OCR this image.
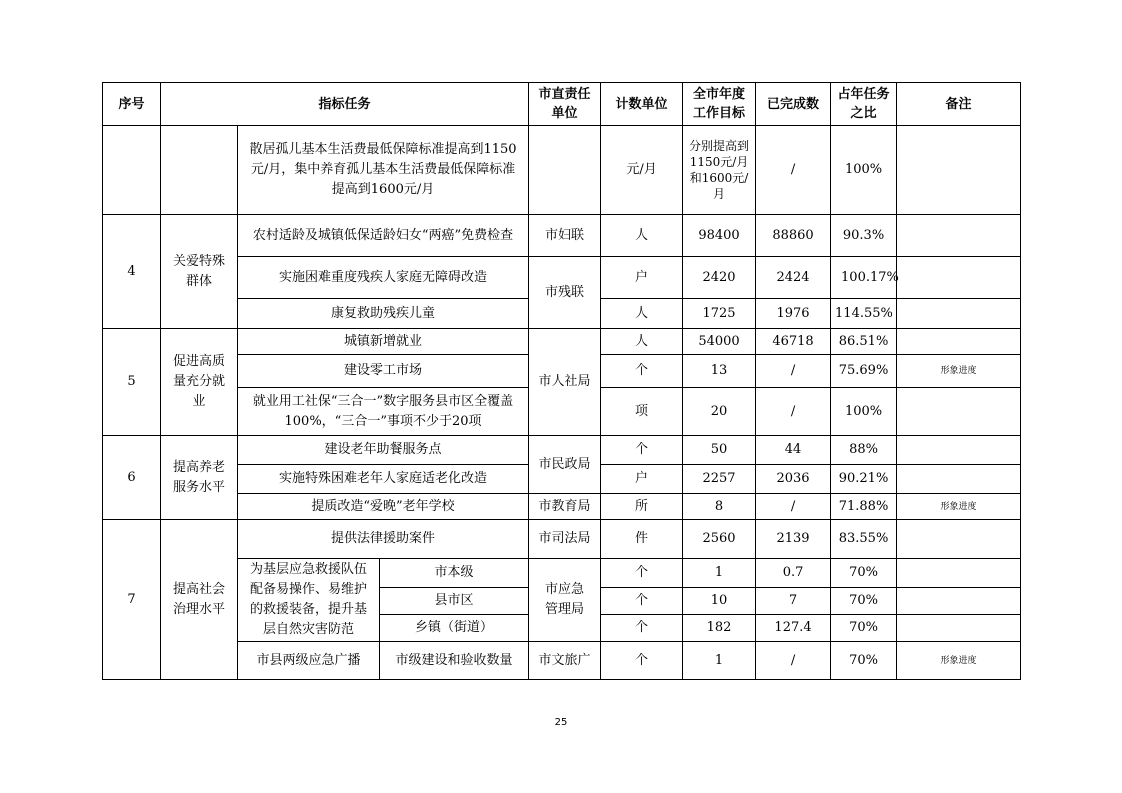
序号	指标任务			市直责任单位	计数单位	全市年度工作目标	已完成数	占年任务之比	备注
		散居孤儿基本生活费最低保障标准提高到1150元/月，集中养育孤儿基本生活费最低保障标准提高到1600元/月			元/月	分别提高到1150元/月和1600元/月	/	100%	
4	关爱特殊群体	农村适龄及城镇低保适龄妇女“两癌”免费检查		市妇联	人	98400	88860	90.3%	
		实施困难重度残疾人家庭无障碍改造		市残联	户	2420	2424	100.17%	
		康复救助残疾儿童			人	1725	1976	114.55%	
5	促进高质量充分就业	城镇新增就业		市人社局	人	54000	46718	86.51%	
		建设零工市场			个	13	/	75.69%	形象进度
		就业用工社保“三合一”数字服务县市区全覆盖100%，“三合一”事项不少于20项			项	20	/	100%	
6	提高养老服务水平	建设老年助餐服务点		市民政局	个	50	44	88%	
		实施特殊困难老年人家庭适老化改造			户	2257	2036	90.21%	
		提质改造“爱晚”老年学校		市教育局	所	8	/	71.88%	形象进度
7	提高社会治理水平	提供法律援助案件		市司法局	件	2560	2139	83.55%	
		为基层应急救援队伍配备易操作、易维护的救援装备，提升基层自然灾害防范	市本级	市应急管理局	个	1	0.7	70%	
			县市区		个	10	7	70%	
			乡镇（街道）		个	182	127.4	70%	
		市县两级应急广播	市级建设和验收数量	市文旅广	个	1	/	70%	形象进度
25
